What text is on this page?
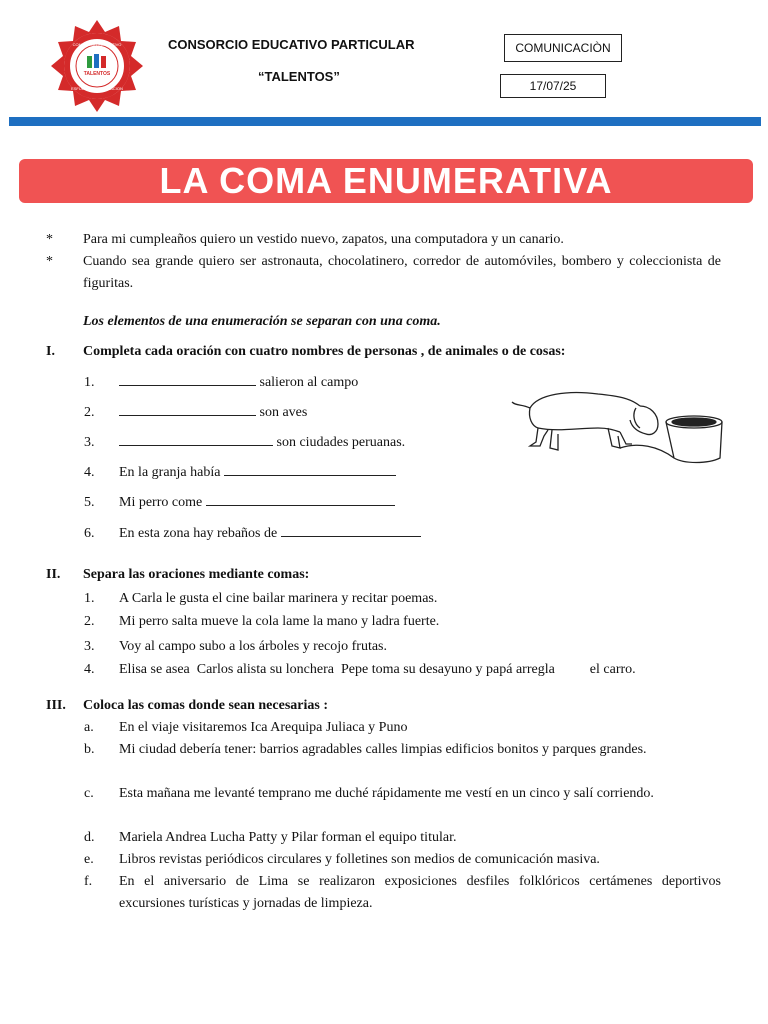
TALENTOS
CONSORCIO EDUCATIVO
ESFUERZO · SUPERACION
CONSORCIO EDUCATIVO PARTICULAR
“TALENTOS”
COMUNICACIÒN
17/07/25
LA COMA ENUMERATIVA
* Para mi cumpleaños quiero un vestido nuevo, zapatos, una computadora y un canario.
* Cuando sea grande quiero ser astronauta, chocolatinero, corredor de automóviles, bombero y coleccionista de figuritas.
Los elementos de una enumeración se separan con una coma.
I. Completa cada oración con cuatro nombres de personas , de animales o de cosas:
1.	salieron al campo
2.	son aves
3.	son ciudades peruanas.
4. En la granja había
5. Mi perro come
6. En esta zona hay rebaños de
II. Separa las oraciones mediante comas:
1. A Carla le gusta el cine bailar marinera y recitar poemas.
2. Mi perro salta mueve la cola lame la mano y ladra fuerte.
3. Voy al campo subo a los árboles y recojo frutas.
4. Elisa se asea  Carlos alista su lonchera  Pepe toma su desayuno y papá arregla          el carro.
III. Coloca las comas donde sean necesarias :
a. En el viaje visitaremos Ica Arequipa Juliaca y Puno
b. Mi ciudad debería tener: barrios agradables calles limpias edificios bonitos y parques grandes.
c. Esta mañana me levanté temprano me duché rápidamente me vestí en un cinco y salí corriendo.
d. Mariela Andrea Lucha Patty y Pilar forman el equipo titular.
e. Libros revistas periódicos circulares y folletines son medios de comunicación masiva.
f. En el aniversario de Lima se realizaron exposiciones desfiles folklóricos certámenes deportivos excursiones turísticas y jornadas de limpieza.
